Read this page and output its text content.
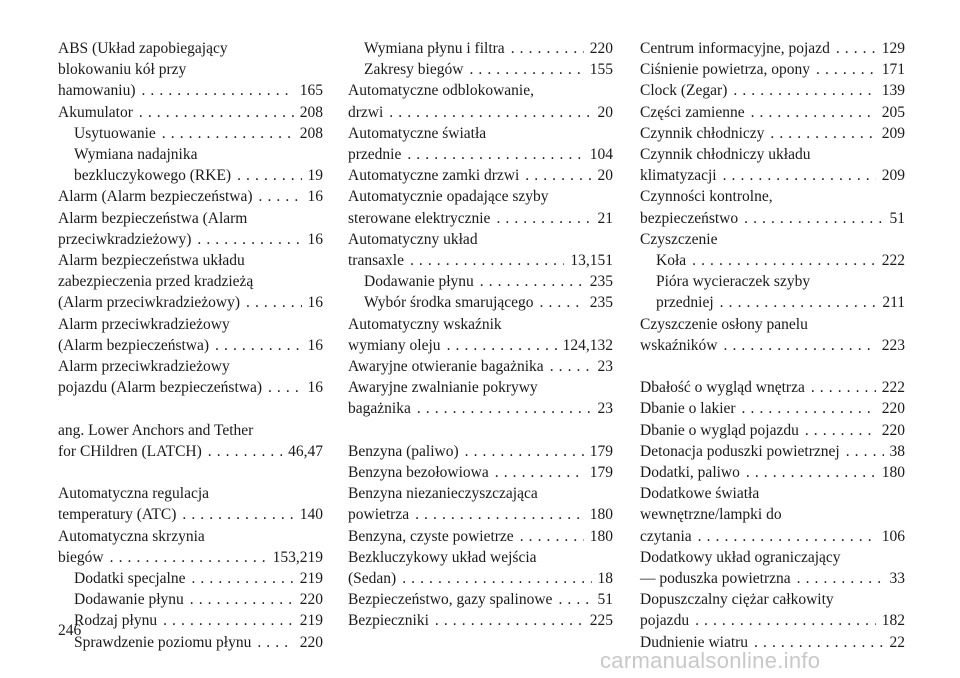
ABS (Układ zapobiegający
blokowaniu kół przy
hamowaniu) . . .	165
Akumulator . . .	208
Usytuowanie . . .	208
Wymiana nadajnika
bezkluczykowego (RKE) . . .	19
Alarm (Alarm bezpieczeństwa) . . .	16
Alarm bezpieczeństwa (Alarm
przeciwkradzieżowy) . . .	16
Alarm bezpieczeństwa układu
zabezpieczenia przed kradzieżą
(Alarm przeciwkradzieżowy) . . .	16
Alarm przeciwkradzieżowy
(Alarm bezpieczeństwa) . . .	16
Alarm przeciwkradzieżowy
pojazdu (Alarm bezpieczeństwa) . . .	16
ang. Lower Anchors and Tether
for CHildren (LATCH) . . .	46,47
Automatyczna regulacja
temperatury (ATC) . . .	140
Automatyczna skrzynia
biegów . . .	153,219
Dodatki specjalne . . .	219
Dodawanie płynu . . .	220
Rodzaj płynu . . .	219
Sprawdzenie poziomu płynu . . .	220
Wymiana płynu i filtra . . .	220
Zakresy biegów . . .	155
Automatyczne odblokowanie,
drzwi . . .	20
Automatyczne światła
przednie . . .	104
Automatyczne zamki drzwi . . .	20
Automatycznie opadające szyby
sterowane elektrycznie . . .	21
Automatyczny układ
transaxle . . .	13,151
Dodawanie płynu . . .	235
Wybór środka smarującego . . .	235
Automatyczny wskaźnik
wymiany oleju . . .	124,132
Awaryjne otwieranie bagażnika . . .	23
Awaryjne zwalnianie pokrywy
bagażnika . . .	23
Benzyna (paliwo) . . .	179
Benzyna bezołowiowa . . .	179
Benzyna niezanieczyszczająca
powietrza . . .	180
Benzyna, czyste powietrze . . .	180
Bezkluczykowy układ wejścia
(Sedan) . . .	18
Bezpieczeństwo, gazy spalinowe . . .	51
Bezpieczniki . . .	225
Centrum informacyjne, pojazd . . .	129
Ciśnienie powietrza, opony . . .	171
Clock (Zegar) . . .	139
Części zamienne . . .	205
Czynnik chłodniczy . . .	209
Czynnik chłodniczy układu
klimatyzacji . . .	209
Czynności kontrolne,
bezpieczeństwo . . .	51
Czyszczenie
Koła . . .	222
Pióra wycieraczek szyby
przedniej . . .	211
Czyszczenie osłony panelu
wskaźników . . .	223
Dbałość o wygląd wnętrza . . .	222
Dbanie o lakier . . .	220
Dbanie o wygląd pojazdu . . .	220
Detonacja poduszki powietrznej . . .	38
Dodatki, paliwo . . .	180
Dodatkowe światła
wewnętrzne/lampki do
czytania . . .	106
Dodatkowy układ ograniczający
— poduszka powietrzna . . .	33
Dopuszczalny ciężar całkowity
pojazdu . . .	182
Dudnienie wiatru . . .	22
246
carmanualsonline.info
